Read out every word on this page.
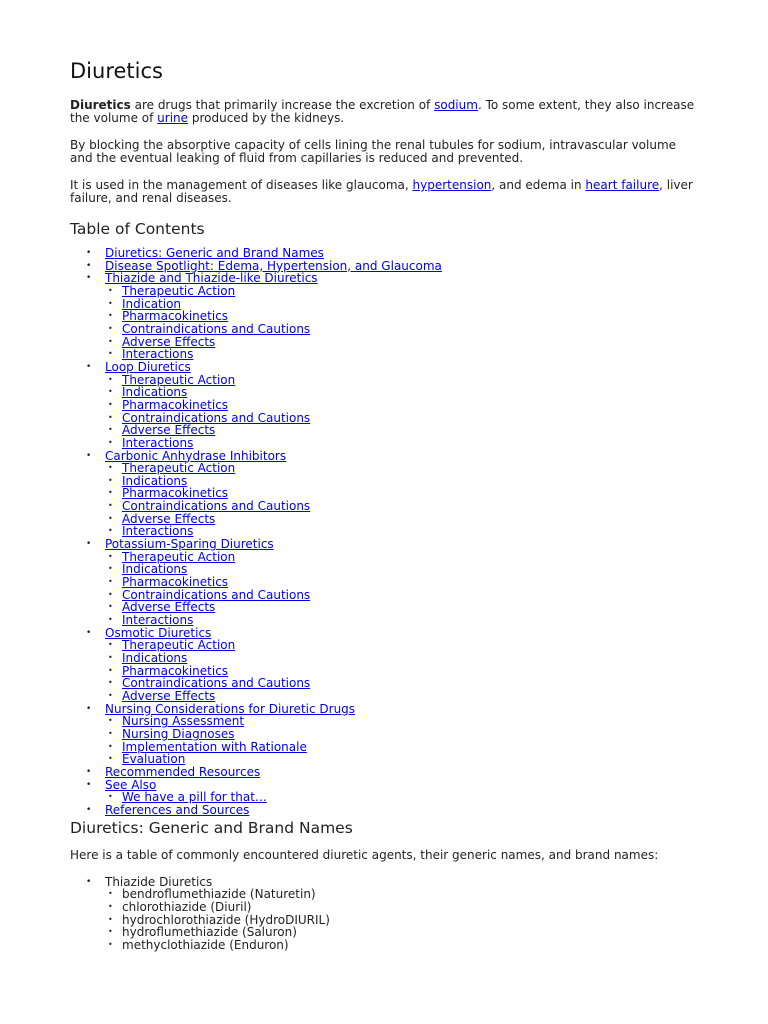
Diuretics

Diuretics are drugs that primarily increase the excretion of sodium. To some extent, they also increase the volume of urine produced by the kidneys.

By blocking the absorptive capacity of cells lining the renal tubules for sodium, intravascular volume and the eventual leaking of fluid from capillaries is reduced and prevented.

It is used in the management of diseases like glaucoma, hypertension, and edema in heart failure, liver failure, and renal diseases.

Table of Contents
• Diuretics: Generic and Brand Names
• Disease Spotlight: Edema, Hypertension, and Glaucoma
• Thiazide and Thiazide-like Diuretics
• Therapeutic Action
• Indication
• Pharmacokinetics
• Contraindications and Cautions
• Adverse Effects
• Interactions
• Loop Diuretics
• Therapeutic Action
• Indications
• Pharmacokinetics
• Contraindications and Cautions
• Adverse Effects
• Interactions
• Carbonic Anhydrase Inhibitors
• Therapeutic Action
• Indications
• Pharmacokinetics
• Contraindications and Cautions
• Adverse Effects
• Interactions
• Potassium-Sparing Diuretics
• Therapeutic Action
• Indications
• Pharmacokinetics
• Contraindications and Cautions
• Adverse Effects
• Interactions
• Osmotic Diuretics
• Therapeutic Action
• Indications
• Pharmacokinetics
• Contraindications and Cautions
• Adverse Effects
• Nursing Considerations for Diuretic Drugs
• Nursing Assessment
• Nursing Diagnoses
• Implementation with Rationale
• Evaluation
• Recommended Resources
• See Also
• We have a pill for that…
• References and Sources
Diuretics: Generic and Brand Names

Here is a table of commonly encountered diuretic agents, their generic names, and brand names:

• Thiazide Diuretics
• bendroflumethiazide (Naturetin)
• chlorothiazide (Diuril)
• hydrochlorothiazide (HydroDIURIL)
• hydroflumethiazide (Saluron)
• methyclothiazide (Enduron)
